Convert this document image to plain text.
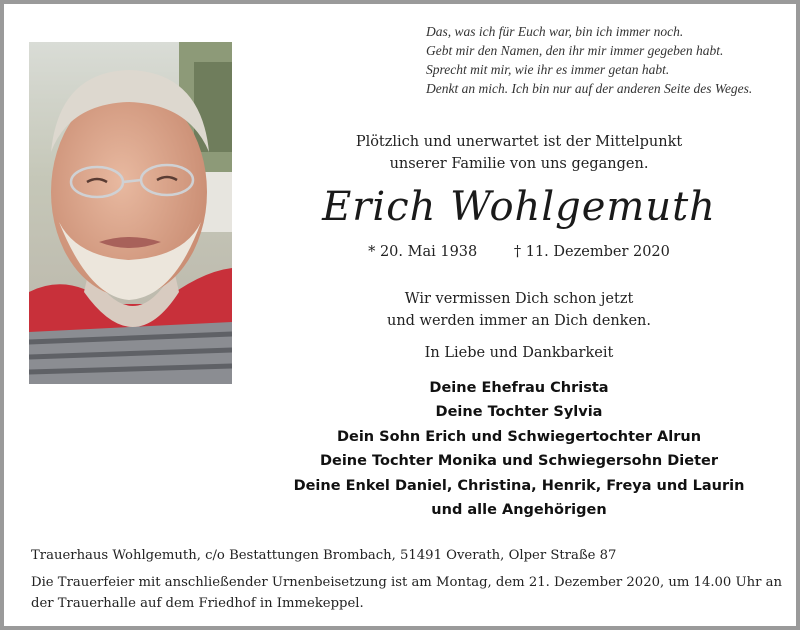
Das, was ich für Euch war, bin ich immer noch.
Gebt mir den Namen, den ihr mir immer gegeben habt.
Sprecht mit mir, wie ihr es immer getan habt.
Denkt an mich. Ich bin nur auf der anderen Seite des Weges.
Plötzlich und unerwartet ist der Mittelpunkt
unserer Familie von uns gegangen.
Erich Wohlgemuth
* 20. Mai 1938	† 11. Dezember 2020
Wir vermissen Dich schon jetzt
und werden immer an Dich denken.
In Liebe und Dankbarkeit
Deine Ehefrau Christa
Deine Tochter Sylvia
Dein Sohn Erich und Schwiegertochter Alrun
Deine Tochter Monika und Schwiegersohn Dieter
Deine Enkel Daniel, Christina, Henrik, Freya und Laurin
und alle Angehörigen
Trauerhaus Wohlgemuth, c/o Bestattungen Brombach, 51491 Overath, Olper Straße 87
Die Trauerfeier mit anschließender Urnenbeisetzung ist am Montag, dem 21. Dezember 2020, um 14.00 Uhr an der Trauerhalle auf dem Friedhof in Immekeppel.
